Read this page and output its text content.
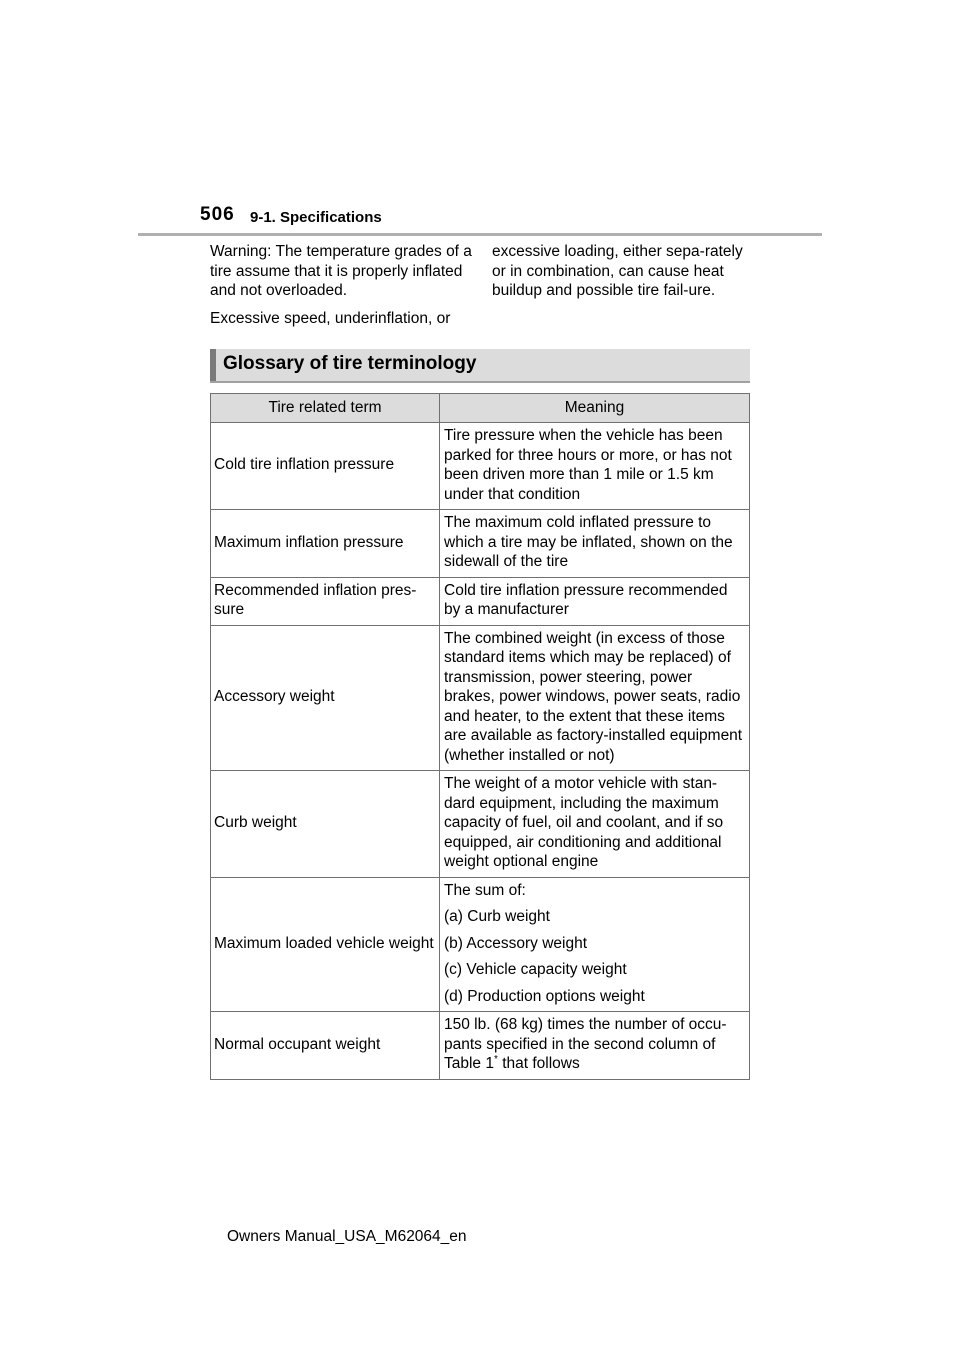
506 9-1. Specifications

Warning: The temperature grades of a tire assume that it is properly inflated and not overloaded.

Excessive speed, underinflation, or

excessive loading, either sepa-rately or in combination, can cause heat buildup and possible tire fail-ure.

Glossary of tire terminology
Tire related term	Meaning
Cold tire inflation pressure	Tire pressure when the vehicle has been parked for three hours or more, or has not been driven more than 1 mile or 1.5 km under that condition
Maximum inflation pressure	The maximum cold inflated pressure to which a tire may be inflated, shown on the sidewall of the tire
Recommended inflation pres-sure	Cold tire inflation pressure recommended by a manufacturer
Accessory weight	The combined weight (in excess of those standard items which may be replaced) of transmission, power steering, power brakes, power windows, power seats, radio and heater, to the extent that these items are available as factory-installed equipment (whether installed or not)
Curb weight	The weight of a motor vehicle with stan-dard equipment, including the maximum capacity of fuel, oil and coolant, and if so equipped, air conditioning and additional weight optional engine
Maximum loaded vehicle weight	The sum of:
(a) Curb weight
(b) Accessory weight
(c) Vehicle capacity weight
(d) Production options weight

Normal occupant weight	150 lb. (68 kg) times the number of occu-pants specified in the second column of Table 1* that follows
Owners Manual_USA_M62064_en
